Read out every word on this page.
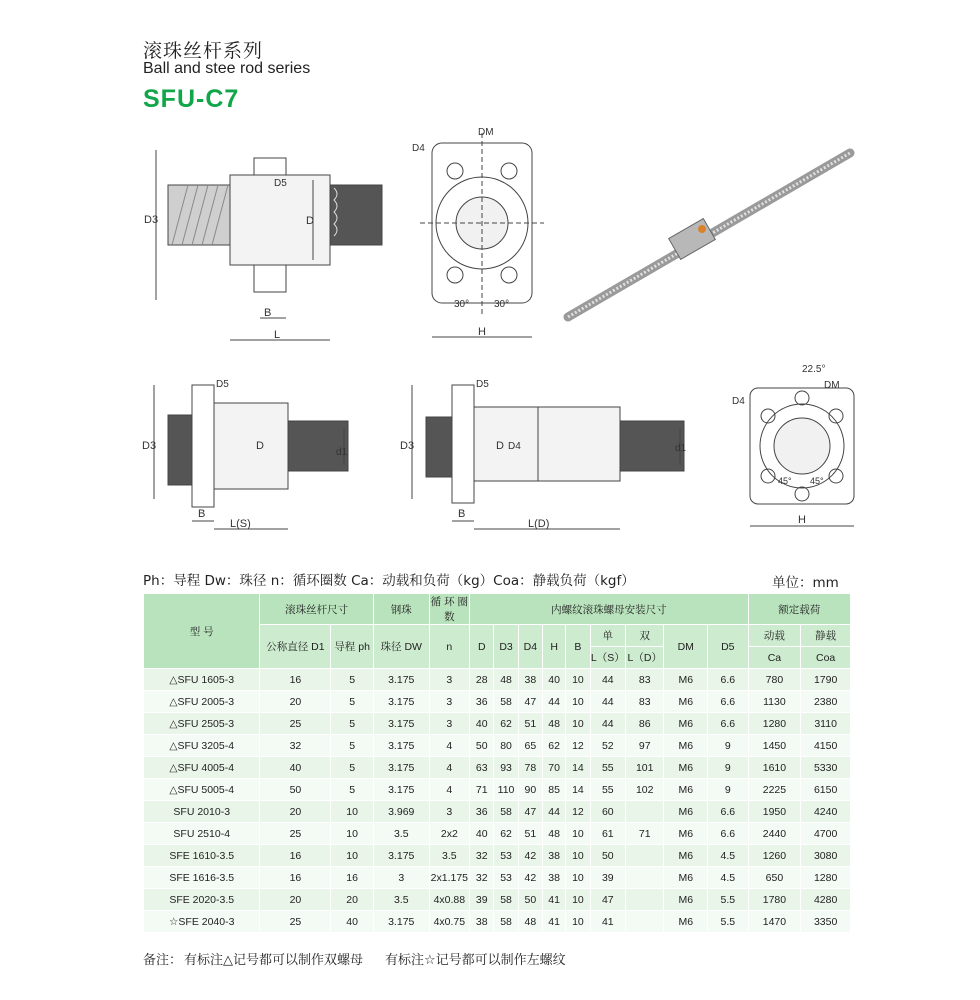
滚珠丝杆系列
Ball and stee rod series
SFU-C7
D3	D
D5
B
L
DM
D4
30° 30°
H
D3	D
D5
d1
B
L(S)
D3	D D4
D5
d1
B
L(D)
22.5°
DM
D4
45° 45°
H
Ph：导程 Dw：珠径 n：循环圈数 Ca：动载和负荷（kg）Coa：静载负荷（kgf）	单位：mm
型 号	滚珠丝杆尺寸		钢珠	循 环 圈 数	内螺纹滚珠螺母安装尺寸									额定载荷	
	公称直径 D1	导程 ph	珠径 DW	n	D	D3	D4	H	B	单	双	DM	D5	动载	静载
										L（S）	L（D）			Ca	Coa
△SFU 1605-3	16	5	3.175	3	28	48	38	40	10	44	83	M6	6.6	780	1790
△SFU 2005-3	20	5	3.175	3	36	58	47	44	10	44	83	M6	6.6	1130	2380
△SFU 2505-3	25	5	3.175	3	40	62	51	48	10	44	86	M6	6.6	1280	3110
△SFU 3205-4	32	5	3.175	4	50	80	65	62	12	52	97	M6	9	1450	4150
△SFU 4005-4	40	5	3.175	4	63	93	78	70	14	55	101	M6	9	1610	5330
△SFU 5005-4	50	5	3.175	4	71	110	90	85	14	55	102	M6	9	2225	6150
SFU 2010-3	20	10	3.969	3	36	58	47	44	12	60		M6	6.6	1950	4240
SFU 2510-4	25	10	3.5	2x2	40	62	51	48	10	61	71	M6	6.6	2440	4700
SFE 1610-3.5	16	10	3.175	3.5	32	53	42	38	10	50		M6	4.5	1260	3080
SFE 1616-3.5	16	16	3	2x1.175	32	53	42	38	10	39		M6	4.5	650	1280
SFE 2020-3.5	20	20	3.5	4x0.88	39	58	50	41	10	47		M6	5.5	1780	4280
☆SFE 2040-3	25	40	3.175	4x0.75	38	58	48	41	10	41		M6	5.5	1470	3350
备注： 有标注△记号都可以制作双螺母 有标注☆记号都可以制作左螺纹
